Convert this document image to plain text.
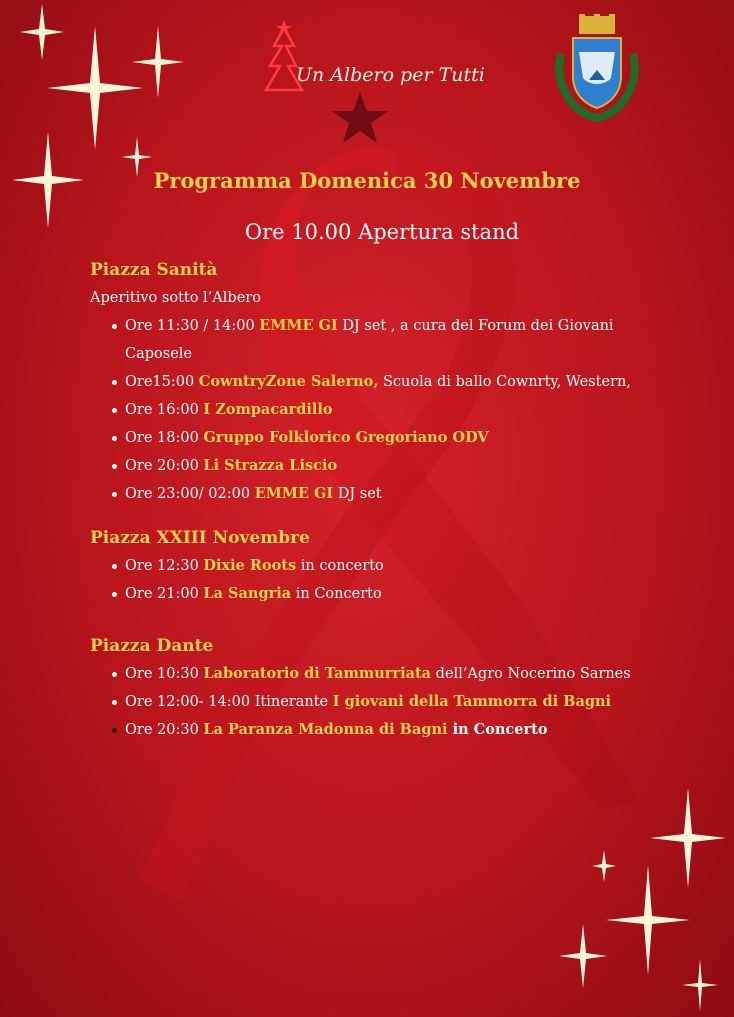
Un Albero per Tutti
Programma Domenica 30 Novembre
Ore 10.00 Apertura stand

Piazza Sanità

Aperitivo sotto l’Albero

Ore 11:30 / 14:00 EMME GI DJ set , a cura del Forum dei Giovani Caposele
Ore15:00 CowntryZone Salerno, Scuola di ballo Cownrty, Western,
Ore 16:00 I Zompacardillo
Ore 18:00 Gruppo Folklorico Gregoriano ODV
Ore 20:00 Li Strazza Liscio
Ore 23:00/ 02:00 EMME GI DJ set

Piazza XXIII Novembre

Ore 12:30 Dixie Roots in concerto
Ore 21:00 La Sangria in Concerto

Piazza Dante

Ore 10:30 Laboratorio di Tammurriata dell’Agro Nocerino Sarnes
Ore 12:00- 14:00 Itinerante I giovani della Tammorra di Bagni
Ore 20:30 La Paranza Madonna di Bagni in Concerto
